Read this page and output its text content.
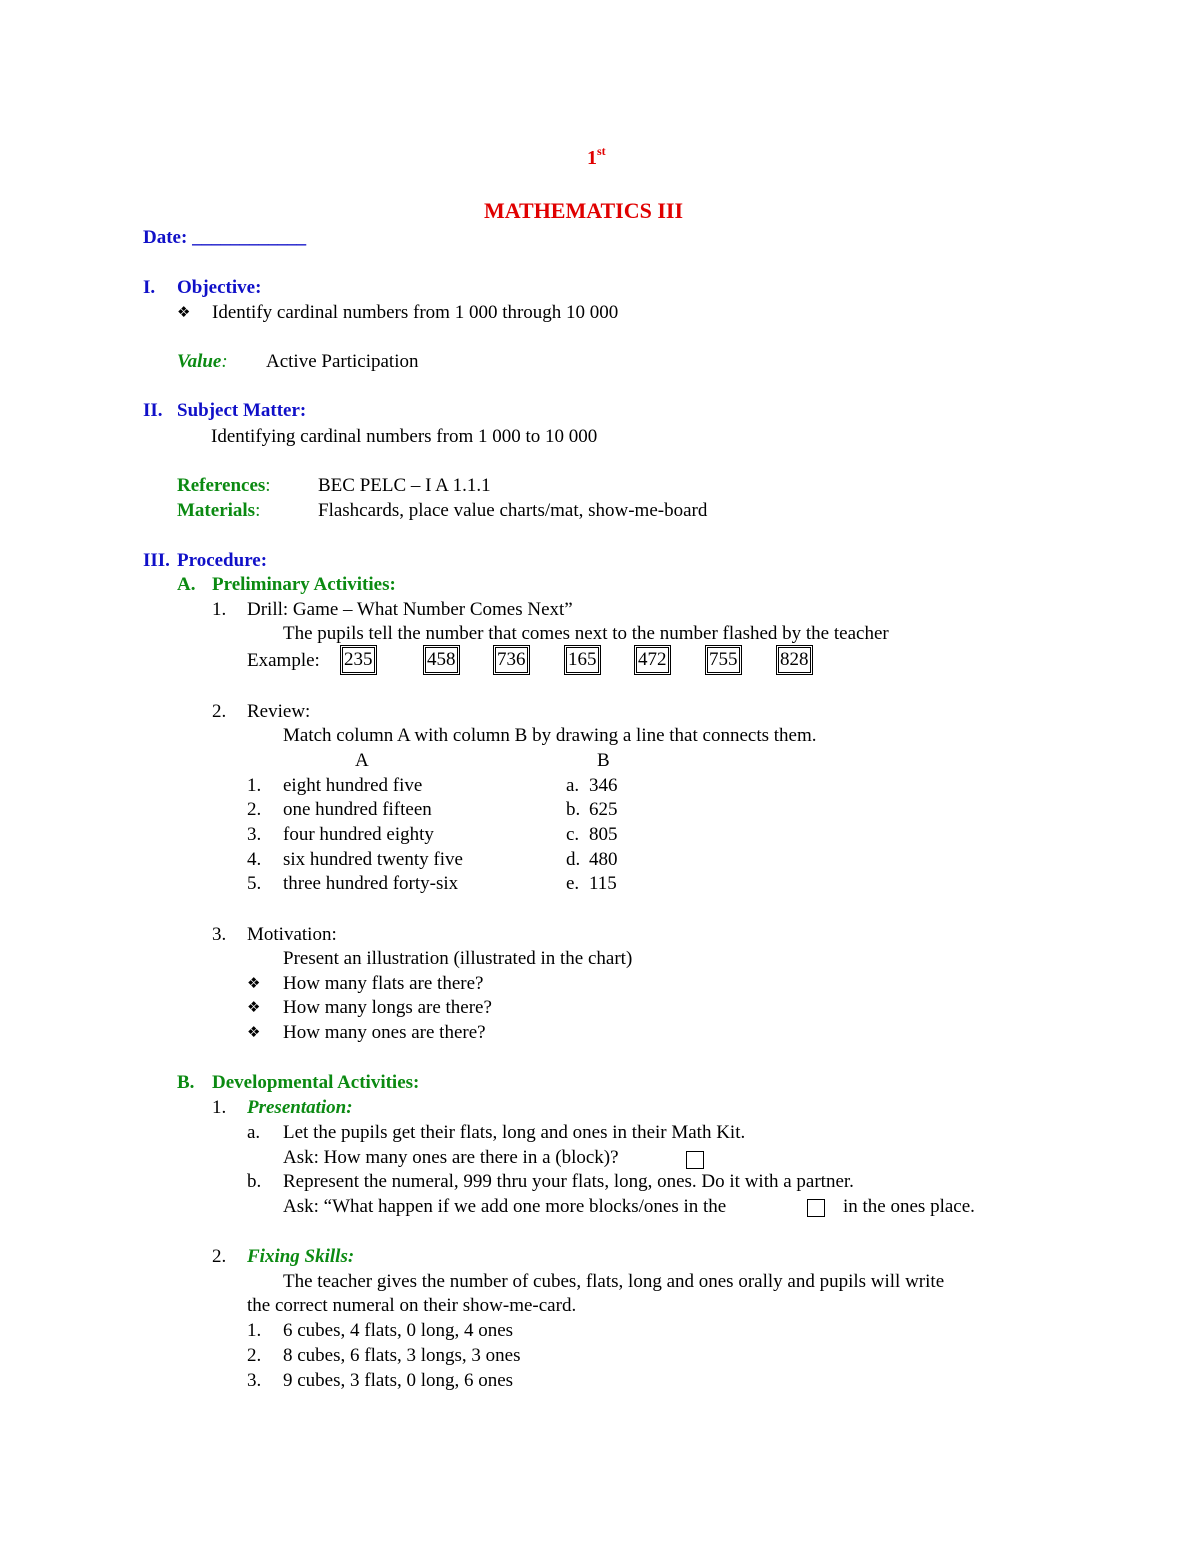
1st
MATHEMATICS III
Date: ____________
I. Objective:
❖ Identify cardinal numbers from 1 000 through 10 000
Value: Active Participation
II. Subject Matter:
Identifying cardinal numbers from 1 000 to 10 000
References: BEC PELC – I A 1.1.1
Materials:	Flashcards, place value charts/mat, show-me-board
III. Procedure:
A. Preliminary Activities:
1. Drill: Game – What Number Comes Next”
The pupils tell the number that comes next to the number flashed by the teacher
Example: 235	458 736 165 472 755 828
2. Review:
Match column A with column B by drawing a line that connects them.
A	B
1. eight hundred five	a. 346
2. one hundred fifteen	b. 625
3. four hundred eighty	c. 805
4. six hundred twenty five	d. 480
5. three hundred forty-six	e. 115
3. Motivation:
Present an illustration (illustrated in the chart)
❖ How many flats are there?
❖ How many longs are there?
❖ How many ones are there?
B. Developmental Activities:
1. Presentation:
a. Let the pupils get their flats, long and ones in their Math Kit.
Ask: How many ones are there in a (block)?
b. Represent the numeral, 999 thru your flats, long, ones. Do it with a partner.
Ask: “What happen if we add one more blocks/ones in the	in the ones place.
2. Fixing Skills:
The teacher gives the number of cubes, flats, long and ones orally and pupils will write
the correct numeral on their show-me-card.
1. 6 cubes, 4 flats, 0 long, 4 ones
2. 8 cubes, 6 flats, 3 longs, 3 ones
3. 9 cubes, 3 flats, 0 long, 6 ones
